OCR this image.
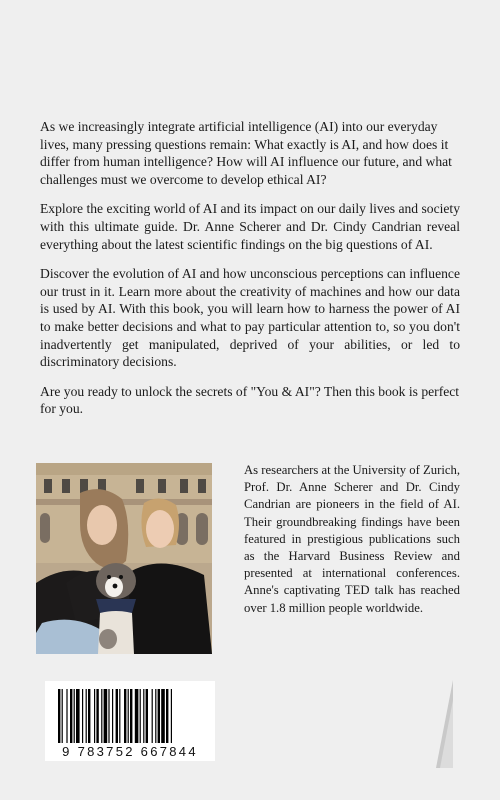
As we increasingly integrate artificial intelligence (AI) into our everyday lives, many pressing questions remain: What exactly is AI, and how does it differ from human intelligence? How will AI influence our future, and what challenges must we overcome to develop ethical AI?

Explore the exciting world of AI and its impact on our daily lives and society with this ultimate guide. Dr. Anne Scherer and Dr. Cindy Candrian reveal everything about the latest scientific findings on the big questions of AI.

Discover the evolution of AI and how unconscious perceptions can influence our trust in it. Learn more about the creativity of machines and how our data is used by AI. With this book, you will learn how to harness the power of AI to make better decisions and what to pay particular attention to, so you don't inadvertently get manipulated, deprived of your abilities, or led to discriminatory decisions.

Are you ready to unlock the secrets of "You & AI"? Then this book is perfect for you.

As researchers at the University of Zurich, Prof. Dr. Anne Scherer and Dr. Cindy Candrian are pioneers in the field of AI. Their groundbreaking findings have been featured in prestigious publications such as the Harvard Business Review and presented at international conferences. Anne's captivating TED talk has reached over 1.8 million people worldwide.

9 783752 667844
